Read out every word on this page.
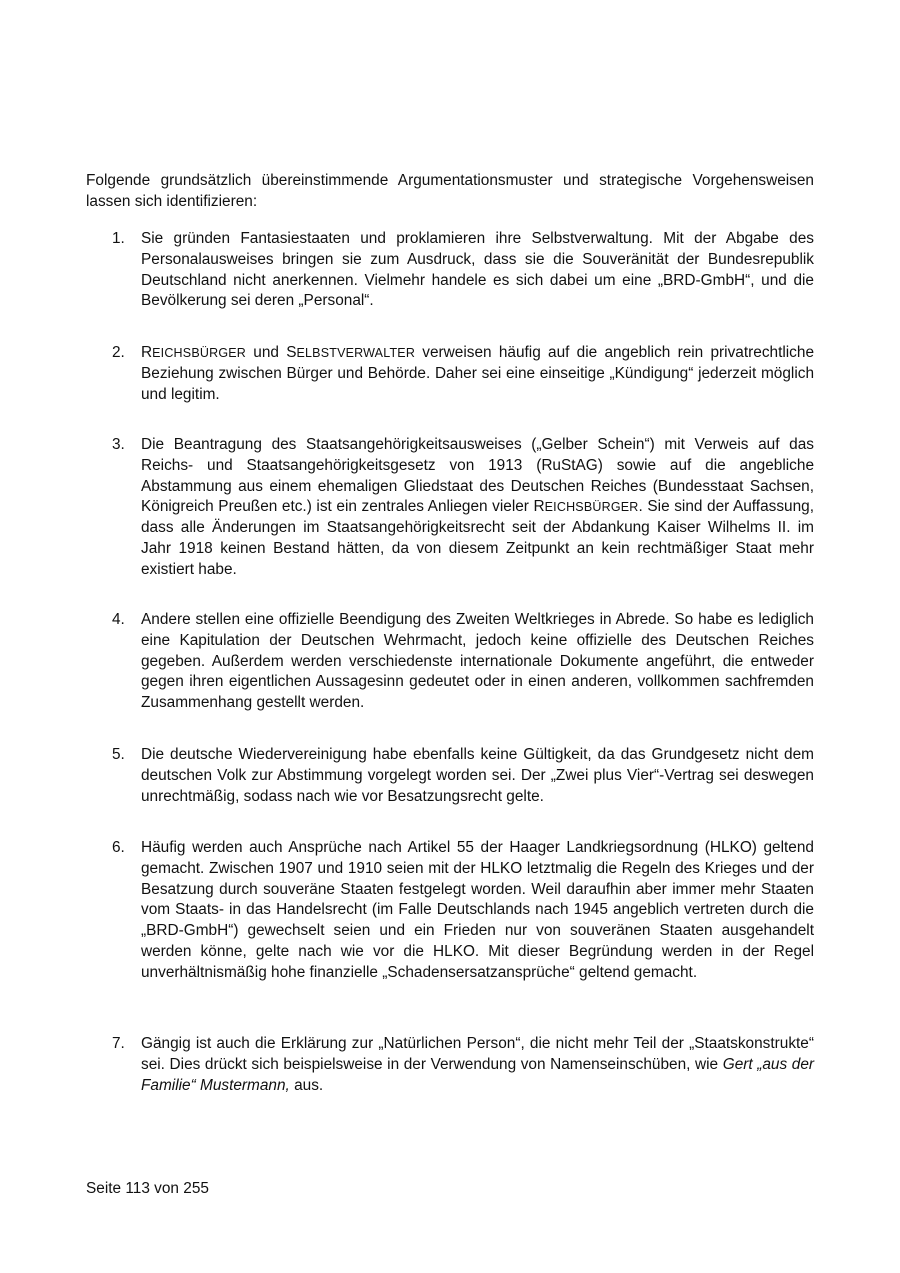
Folgende grundsätzlich übereinstimmende Argumentationsmuster und strategische Vorgehensweisen lassen sich identifizieren:

1.	Sie gründen Fantasiestaaten und proklamieren ihre Selbstverwaltung. Mit der Abgabe des Personalausweises bringen sie zum Ausdruck, dass sie die Souveränität der Bundesrepublik Deutschland nicht anerkennen. Vielmehr handele es sich dabei um eine „BRD-GmbH“, und die Bevölkerung sei deren „Personal“.

2.	REICHSBÜRGER und SELBSTVERWALTER verweisen häufig auf die angeblich rein privatrechtliche Beziehung zwischen Bürger und Behörde. Daher sei eine einseitige „Kündigung“ jederzeit möglich und legitim.

3.	Die Beantragung des Staatsangehörigkeitsausweises („Gelber Schein“) mit Verweis auf das Reichs- und Staatsangehörigkeitsgesetz von 1913 (RuStAG) sowie auf die angebliche Abstammung aus einem ehemaligen Gliedstaat des Deutschen Reiches (Bundesstaat Sachsen, Königreich Preußen etc.) ist ein zentrales Anliegen vieler REICHSBÜRGER. Sie sind der Auffassung, dass alle Änderungen im Staatsangehörigkeitsrecht seit der Abdankung Kaiser Wilhelms II. im Jahr 1918 keinen Bestand hätten, da von diesem Zeitpunkt an kein rechtmäßiger Staat mehr existiert habe.

4.	Andere stellen eine offizielle Beendigung des Zweiten Weltkrieges in Abrede. So habe es lediglich eine Kapitulation der Deutschen Wehrmacht, jedoch keine offizielle des Deutschen Reiches gegeben. Außerdem werden verschiedenste internationale Dokumente angeführt, die entweder gegen ihren eigentlichen Aussagesinn gedeutet oder in einen anderen, vollkommen sachfremden Zusammenhang gestellt werden.

5.	Die deutsche Wiedervereinigung habe ebenfalls keine Gültigkeit, da das Grundgesetz nicht dem deutschen Volk zur Abstimmung vorgelegt worden sei. Der „Zwei plus Vier“-Vertrag sei deswegen unrechtmäßig, sodass nach wie vor Besatzungsrecht gelte.

6.	Häufig werden auch Ansprüche nach Artikel 55 der Haager Landkriegsordnung (HLKO) geltend gemacht. Zwischen 1907 und 1910 seien mit der HLKO letztmalig die Regeln des Krieges und der Besatzung durch souveräne Staaten festgelegt worden. Weil daraufhin aber immer mehr Staaten vom Staats- in das Handelsrecht (im Falle Deutschlands nach 1945 angeblich vertreten durch die „BRD-GmbH“) gewechselt seien und ein Frieden nur von souveränen Staaten ausgehandelt werden könne, gelte nach wie vor die HLKO. Mit dieser Begründung werden in der Regel unverhältnismäßig hohe finanzielle „Schadensersatzansprüche“ geltend gemacht.

7.	Gängig ist auch die Erklärung zur „Natürlichen Person“, die nicht mehr Teil der „Staatskonstrukte“ sei. Dies drückt sich beispielsweise in der Verwendung von Namenseinschüben, wie Gert „aus der Familie“ Mustermann, aus.

Seite 113 von 255
